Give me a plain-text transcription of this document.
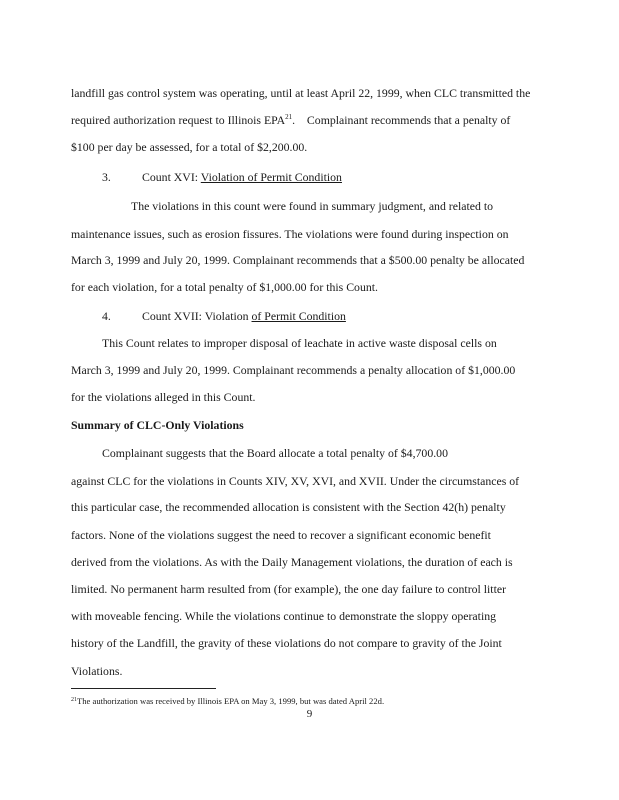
landfill gas control system was operating, until at least April 22, 1999, when CLC transmitted the
required authorization request to Illinois EPA$^{21}$.    Complainant recommends that a penalty of
$100 per day be assessed, for a total of $2,200.00.
3.	Count XVI: Violation of Permit Condition
The violations in this count were found in summary judgment, and related to
maintenance issues, such as erosion fissures. The violations were found during inspection on
March 3, 1999 and July 20, 1999. Complainant recommends that a $500.00 penalty be allocated
for each violation, for a total penalty of $1,000.00 for this Count.
4.	Count XVII: Violation of Permit Condition
This Count relates to improper disposal of leachate in active waste disposal cells on
March 3, 1999 and July 20, 1999. Complainant recommends a penalty allocation of $1,000.00
for the violations alleged in this Count.
Summary of CLC-Only Violations
Complainant suggests that the Board allocate a total penalty of $4,700.00
against CLC for the violations in Counts XIV, XV, XVI, and XVII. Under the circumstances of
this particular case, the recommended allocation is consistent with the Section 42(h) penalty
factors. None of the violations suggest the need to recover a significant economic benefit
derived from the violations. As with the Daily Management violations, the duration of each is
limited. No permanent harm resulted from (for example), the one day failure to control litter
with moveable fencing. While the violations continue to demonstrate the sloppy operating
history of the Landfill, the gravity of these violations do not compare to gravity of the Joint
Violations.
$^{21}$The authorization was received by Illinois EPA on May 3, 1999, but was dated April 22d.
9
